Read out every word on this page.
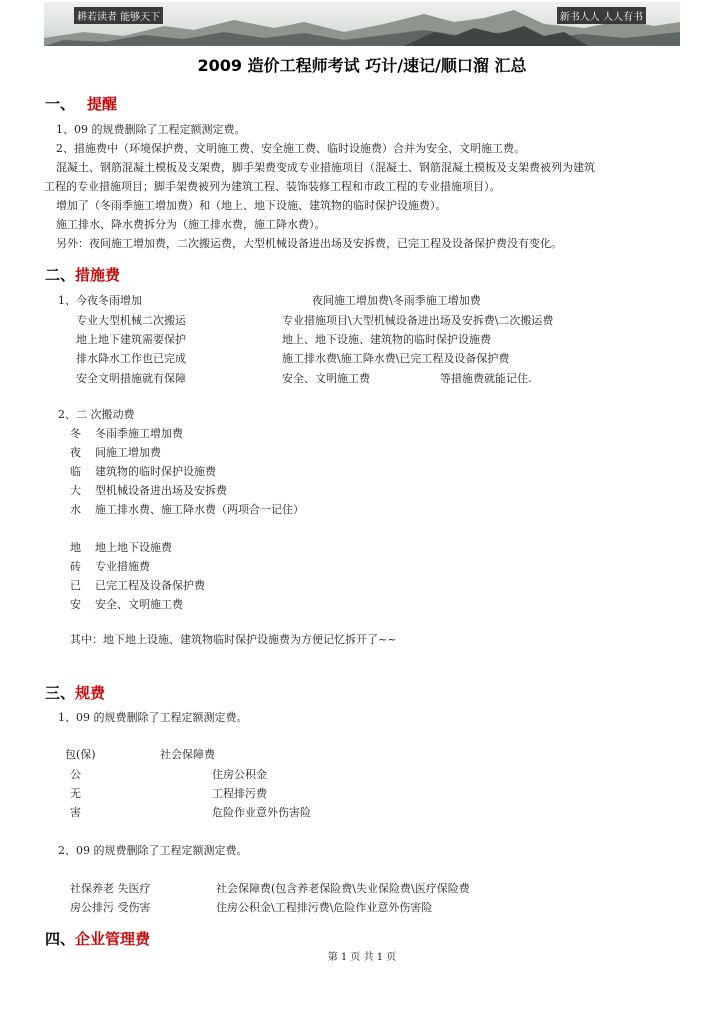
耕若读者 能够天下	新书人人 人人有书
2009 造价工程师考试 巧计/速记/顺口溜 汇总
一、 提醒
1、09 的规费删除了工程定额测定费。
2、措施费中（环境保护费、文明施工费、安全施工费、临时设施费）合并为安全、文明施工费。
混凝土、钢筋混凝土模板及支架费，脚手架费变成专业措施项目（混凝土、钢筋混凝土模板及支架费被列为建筑
工程的专业措施项目；脚手架费被列为建筑工程、装饰装修工程和市政工程的专业措施项目）。
增加了（冬雨季施工增加费）和（地上、地下设施、建筑物的临时保护设施费）。
施工排水、降水费拆分为（施工排水费，施工降水费）。
另外：夜间施工增加费，二次搬运费，大型机械设备进出场及安拆费，已完工程及设备保护费没有变化。
二、措施费
1、今夜冬雨增加	夜间施工增加费\冬雨季施工增加费
专业大型机械二次搬运	专业措施项目\大型机械设备进出场及安拆费\二次搬运费
地上地下建筑需要保护	地上、地下设施、建筑物的临时保护设施费
排水降水工作也已完成	施工排水费\施工降水费\已完工程及设备保护费
安全文明措施就有保障	安全、文明施工费	等措施费就能记住.
2、二 次搬动费
冬 冬雨季施工增加费
夜 间施工增加费
临 建筑物的临时保护设施费
大 型机械设备进出场及安拆费
水 施工排水费、施工降水费（两项合一记住）
地 地上地下设施费
砖 专业措施费
已 已完工程及设备保护费
安 安全、文明施工费
其中：地下地上设施、建筑物临时保护设施费为方便记忆拆开了~~
三、规费
1、09 的规费删除了工程定额测定费。
包(保)	社会保障费
公	住房公积金
无	工程排污费
害	危险作业意外伤害险
2、09 的规费删除了工程定额测定费。
社保养老 失医疗	社会保障费(包含养老保险费\失业保险费\医疗保险费
房公排污 受伤害	住房公积金\工程排污费\危险作业意外伤害险
四、企业管理费
第 1 页 共 1 页
